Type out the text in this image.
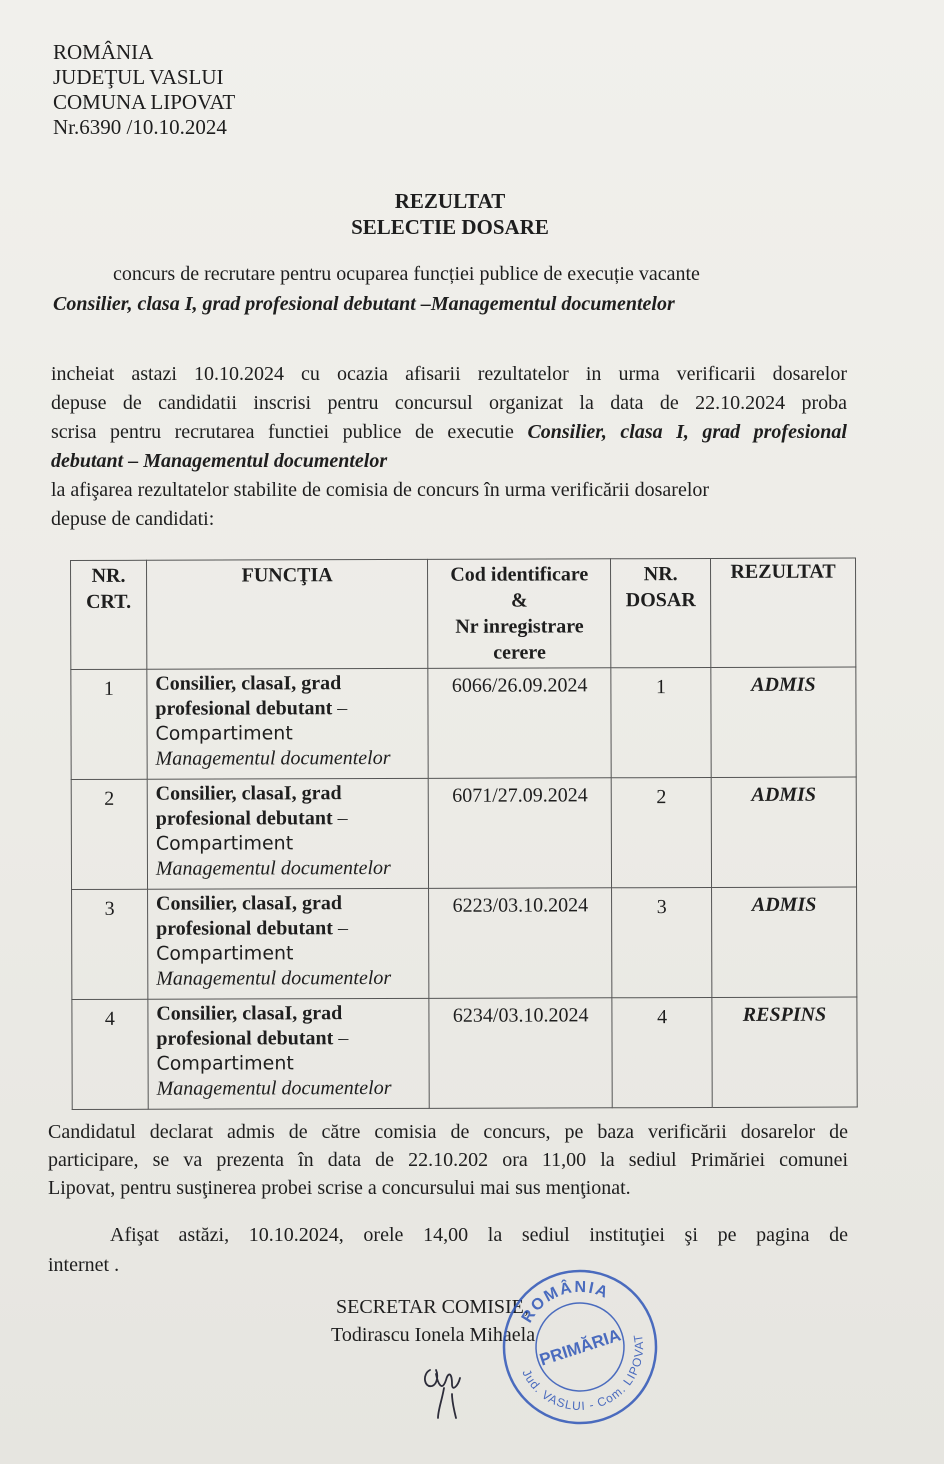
ROMÂNIA
JUDEŢUL VASLUI
COMUNA LIPOVAT
Nr.6390 /10.10.2024
REZULTAT
SELECTIE DOSARE
concurs de recrutare pentru ocuparea funcției publice de execuție vacante
Consilier, clasa I, grad profesional debutant –Managementul documentelor
incheiat astazi 10.10.2024 cu ocazia afisarii rezultatelor in urma verificarii dosarelor
depuse de candidatii inscrisi pentru concursul organizat la data de 22.10.2024 proba
scrisa pentru recrutarea functiei publice de executie Consilier, clasa I, grad profesional
debutant – Managementul documentelor
la afişarea rezultatelor stabilite de comisia de concurs în urma verificării dosarelor
depuse de candidati:
NR.
CRT.	FUNCŢIA	Cod identificare
&
Nr inregistrare
cerere	NR.
DOSAR	REZULTAT
1	Consilier, clasaI, grad
profesional debutant –
Compartiment
Managementul documentelor	6066/26.09.2024	1	ADMIS
2	Consilier, clasaI, grad
profesional debutant –
Compartiment
Managementul documentelor	6071/27.09.2024	2	ADMIS
3	Consilier, clasaI, grad
profesional debutant –
Compartiment
Managementul documentelor	6223/03.10.2024	3	ADMIS
4	Consilier, clasaI, grad
profesional debutant –
Compartiment
Managementul documentelor	6234/03.10.2024	4	RESPINS
Candidatul declarat admis de către comisia de concurs, pe baza verificării dosarelor de
participare, se va prezenta în data de 22.10.202 ora 11,00 la sediul Primăriei comunei
Lipovat, pentru susţinerea probei scrise a concursului mai sus menţionat.
Afişat astăzi, 10.10.2024, orele 14,00 la sediul instituţiei şi pe pagina de
internet .
SECRETAR COMISIE,
Todirascu Ionela Mihaela
ROMÂNIA
PRIMĂRIA
Jud. VASLUI - Com. LIPOVAT
